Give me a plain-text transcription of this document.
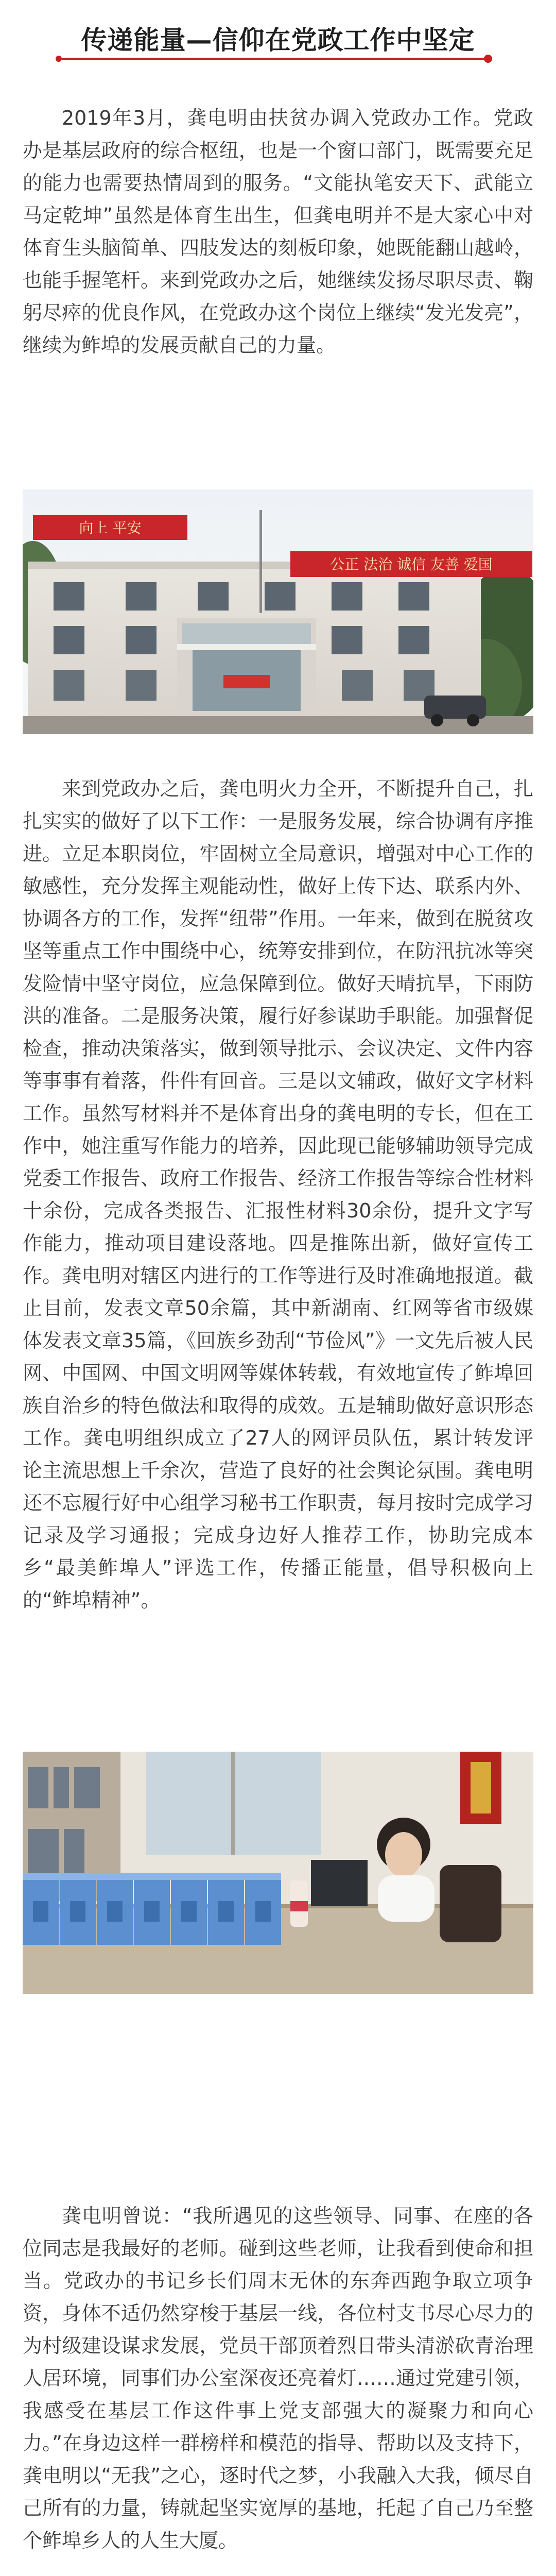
传递能量—信仰在党政工作中坚定

2019年3月，龚电明由扶贫办调入党政办工作。党政办是基层政府的综合枢纽，也是一个窗口部门，既需要充足的能力也需要热情周到的服务。“文能执笔安天下、武能立马定乾坤”虽然是体育生出生，但龚电明并不是大家心中对体育生头脑简单、四肢发达的刻板印象，她既能翻山越岭，也能手握笔杆。来到党政办之后，她继续发扬尽职尽责、鞠躬尽瘁的优良作风，在党政办这个岗位上继续“发光发亮”，继续为鲊埠的发展贡献自己的力量。

向上 平安
公正 法治 诚信 友善 爱国

来到党政办之后，龚电明火力全开，不断提升自己，扎扎实实的做好了以下工作：一是服务发展，综合协调有序推进。立足本职岗位，牢固树立全局意识，增强对中心工作的敏感性，充分发挥主观能动性，做好上传下达、联系内外、协调各方的工作，发挥“纽带”作用。一年来，做到在脱贫攻坚等重点工作中围绕中心，统筹安排到位，在防汛抗冰等突发险情中坚守岗位，应急保障到位。做好天晴抗旱，下雨防洪的准备。二是服务决策，履行好参谋助手职能。加强督促检查，推动决策落实，做到领导批示、会议决定、文件内容等事事有着落，件件有回音。三是以文辅政，做好文字材料工作。虽然写材料并不是体育出身的龚电明的专长，但在工作中，她注重写作能力的培养，因此现已能够辅助领导完成党委工作报告、政府工作报告、经济工作报告等综合性材料十余份，完成各类报告、汇报性材料30余份，提升文字写作能力，推动项目建设落地。四是推陈出新，做好宣传工作。龚电明对辖区内进行的工作等进行及时准确地报道。截止目前，发表文章50余篇，其中新湖南、红网等省市级媒体发表文章35篇，《回族乡劲刮“节俭风”》一文先后被人民网、中国网、中国文明网等媒体转载，有效地宣传了鲊埠回族自治乡的特色做法和取得的成效。五是辅助做好意识形态工作。龚电明组织成立了27人的网评员队伍，累计转发评论主流思想上千余次，营造了良好的社会舆论氛围。龚电明还不忘履行好中心组学习秘书工作职责，每月按时完成学习记录及学习通报；完成身边好人推荐工作，协助完成本乡“最美鲊埠人”评选工作，传播正能量，倡导积极向上的“鲊埠精神”。

龚电明曾说：“我所遇见的这些领导、同事、在座的各位同志是我最好的老师。碰到这些老师，让我看到使命和担当。党政办的书记乡长们周末无休的东奔西跑争取立项争资，身体不适仍然穿梭于基层一线，各位村支书尽心尽力的为村级建设谋求发展，党员干部顶着烈日带头清淤砍青治理人居环境，同事们办公室深夜还亮着灯……通过党建引领，我感受在基层工作这件事上党支部强大的凝聚力和向心力。”在身边这样一群榜样和模范的指导、帮助以及支持下，龚电明以“无我”之心，逐时代之梦，小我融入大我，倾尽自己所有的力量，铸就起坚实宽厚的基地，托起了自己乃至整个鲊埠乡人的人生大厦。
